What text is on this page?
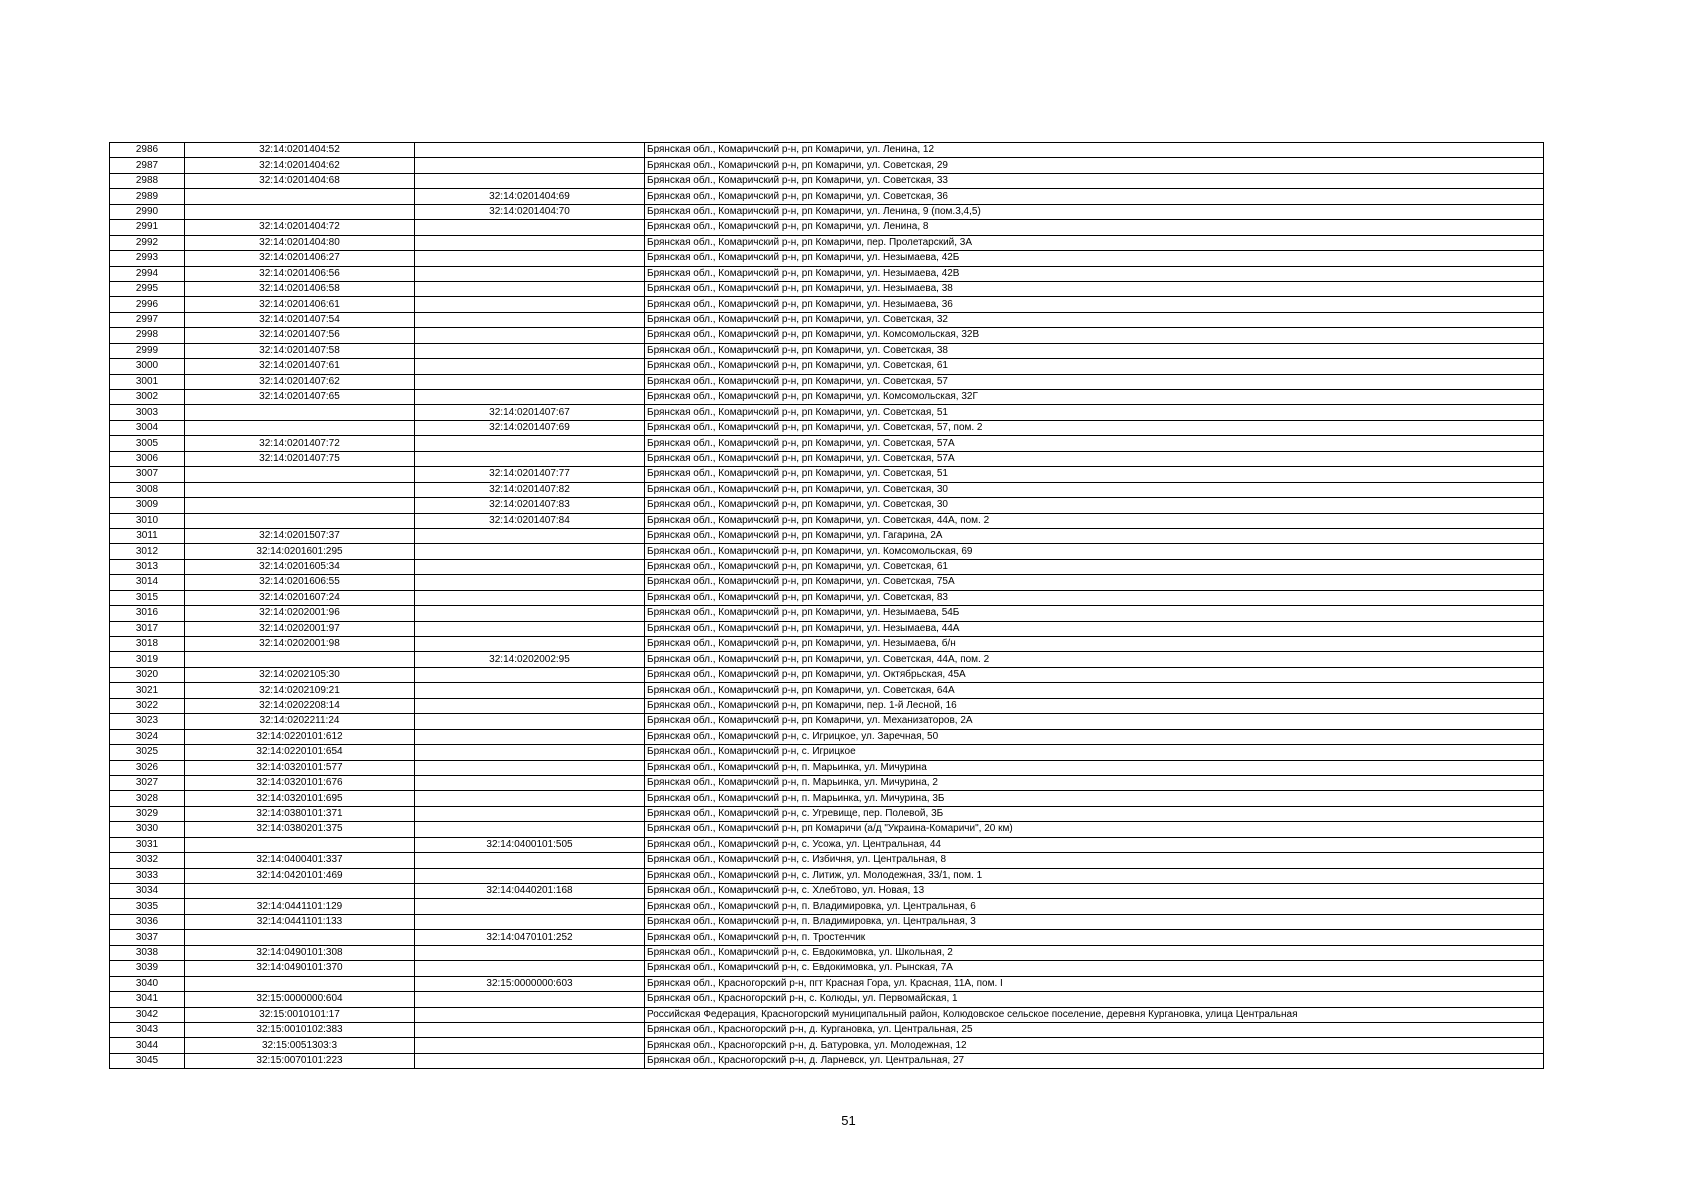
2986	32:14:0201404:52		Брянская обл., Комаричский р-н, рп Комаричи, ул. Ленина, 12
2987	32:14:0201404:62		Брянская обл., Комаричский р-н, рп Комаричи, ул. Советская, 29
2988	32:14:0201404:68		Брянская обл., Комаричский р-н, рп Комаричи, ул. Советская, 33
2989		32:14:0201404:69	Брянская обл., Комаричский р-н, рп Комаричи, ул. Советская, 36
2990		32:14:0201404:70	Брянская обл., Комаричский р-н, рп Комаричи, ул. Ленина, 9 (пом.3,4,5)
2991	32:14:0201404:72		Брянская обл., Комаричский р-н, рп Комаричи, ул. Ленина, 8
2992	32:14:0201404:80		Брянская обл., Комаричский р-н, рп Комаричи, пер. Пролетарский, 3А
2993	32:14:0201406:27		Брянская обл., Комаричский р-н, рп Комаричи, ул. Незымаева, 42Б
2994	32:14:0201406:56		Брянская обл., Комаричский р-н, рп Комаричи, ул. Незымаева, 42В
2995	32:14:0201406:58		Брянская обл., Комаричский р-н, рп Комаричи, ул. Незымаева, 38
2996	32:14:0201406:61		Брянская обл., Комаричский р-н, рп Комаричи, ул. Незымаева, 36
2997	32:14:0201407:54		Брянская обл., Комаричский р-н, рп Комаричи, ул. Советская, 32
2998	32:14:0201407:56		Брянская обл., Комаричский р-н, рп Комаричи, ул. Комсомольская, 32В
2999	32:14:0201407:58		Брянская обл., Комаричский р-н, рп Комаричи, ул. Советская, 38
3000	32:14:0201407:61		Брянская обл., Комаричский р-н, рп Комаричи, ул. Советская, 61
3001	32:14:0201407:62		Брянская обл., Комаричский р-н, рп Комаричи, ул. Советская, 57
3002	32:14:0201407:65		Брянская обл., Комаричский р-н, рп Комаричи, ул. Комсомольская, 32Г
3003		32:14:0201407:67	Брянская обл., Комаричский р-н, рп Комаричи, ул. Советская, 51
3004		32:14:0201407:69	Брянская обл., Комаричский р-н, рп Комаричи, ул. Советская, 57, пом. 2
3005	32:14:0201407:72		Брянская обл., Комаричский р-н, рп Комаричи, ул. Советская, 57А
3006	32:14:0201407:75		Брянская обл., Комаричский р-н, рп Комаричи, ул. Советская, 57А
3007		32:14:0201407:77	Брянская обл., Комаричский р-н, рп Комаричи, ул. Советская, 51
3008		32:14:0201407:82	Брянская обл., Комаричский р-н, рп Комаричи, ул. Советская, 30
3009		32:14:0201407:83	Брянская обл., Комаричский р-н, рп Комаричи, ул. Советская, 30
3010		32:14:0201407:84	Брянская обл., Комаричский р-н, рп Комаричи, ул. Советская, 44А, пом. 2
3011	32:14:0201507:37		Брянская обл., Комаричский р-н, рп Комаричи, ул. Гагарина, 2А
3012	32:14:0201601:295		Брянская обл., Комаричский р-н, рп Комаричи, ул. Комсомольская, 69
3013	32:14:0201605:34		Брянская обл., Комаричский р-н, рп Комаричи, ул. Советская, 61
3014	32:14:0201606:55		Брянская обл., Комаричский р-н, рп Комаричи, ул. Советская, 75А
3015	32:14:0201607:24		Брянская обл., Комаричский р-н, рп Комаричи, ул. Советская, 83
3016	32:14:0202001:96		Брянская обл., Комаричский р-н, рп Комаричи, ул. Незымаева, 54Б
3017	32:14:0202001:97		Брянская обл., Комаричский р-н, рп Комаричи, ул. Незымаева, 44А
3018	32:14:0202001:98		Брянская обл., Комаричский р-н, рп Комаричи, ул. Незымаева, б/н
3019		32:14:0202002:95	Брянская обл., Комаричский р-н, рп Комаричи, ул. Советская, 44А, пом. 2
3020	32:14:0202105:30		Брянская обл., Комаричский р-н, рп Комаричи, ул. Октябрьская, 45А
3021	32:14:0202109:21		Брянская обл., Комаричский р-н, рп Комаричи, ул. Советская, 64А
3022	32:14:0202208:14		Брянская обл., Комаричский р-н, рп Комаричи, пер. 1-й Лесной, 16
3023	32:14:0202211:24		Брянская обл., Комаричский р-н, рп Комаричи, ул. Механизаторов, 2А
3024	32:14:0220101:612		Брянская обл., Комаричский р-н, с. Игрицкое, ул. Заречная, 50
3025	32:14:0220101:654		Брянская обл., Комаричский р-н, с. Игрицкое
3026	32:14:0320101:577		Брянская обл., Комаричский р-н, п. Марьинка, ул. Мичурина
3027	32:14:0320101:676		Брянская обл., Комаричский р-н, п. Марьинка, ул. Мичурина, 2
3028	32:14:0320101:695		Брянская обл., Комаричский р-н, п. Марьинка, ул. Мичурина, 3Б
3029	32:14:0380101:371		Брянская обл., Комаричский р-н, с. Угревище, пер. Полевой, 3Б
3030	32:14:0380201:375		Брянская обл., Комаричский р-н, рп Комаричи (а/д "Украина-Комаричи", 20 км)
3031		32:14:0400101:505	Брянская обл., Комаричский р-н, с. Усожа, ул. Центральная, 44
3032	32:14:0400401:337		Брянская обл., Комаричский р-н, с. Избичня, ул. Центральная, 8
3033	32:14:0420101:469		Брянская обл., Комаричский р-н, с. Литиж, ул. Молодежная, 33/1, пом. 1
3034		32:14:0440201:168	Брянская обл., Комаричский р-н, с. Хлебтово, ул. Новая, 13
3035	32:14:0441101:129		Брянская обл., Комаричский р-н, п. Владимировка, ул. Центральная, 6
3036	32:14:0441101:133		Брянская обл., Комаричский р-н, п. Владимировка, ул. Центральная, 3
3037		32:14:0470101:252	Брянская обл., Комаричский р-н, п. Тростенчик
3038	32:14:0490101:308		Брянская обл., Комаричский р-н, с. Евдокимовка, ул. Школьная, 2
3039	32:14:0490101:370		Брянская обл., Комаричский р-н, с. Евдокимовка, ул. Рынская, 7А
3040		32:15:0000000:603	Брянская обл., Красногорский р-н, пгт Красная Гора, ул. Красная, 11А, пом. I
3041	32:15:0000000:604		Брянская обл., Красногорский р-н, с. Колюды, ул. Первомайская, 1
3042	32:15:0010101:17		Российская Федерация, Красногорский муниципальный район, Колюдовское сельское поселение, деревня Кургановка, улица Центральная
3043	32:15:0010102:383		Брянская обл., Красногорский р-н, д. Кургановка, ул. Центральная, 25
3044	32:15:0051303:3		Брянская обл., Красногорский р-н, д. Батуровка, ул. Молодежная, 12
3045	32:15:0070101:223		Брянская обл., Красногорский р-н, д. Ларневск, ул. Центральная, 27
51
